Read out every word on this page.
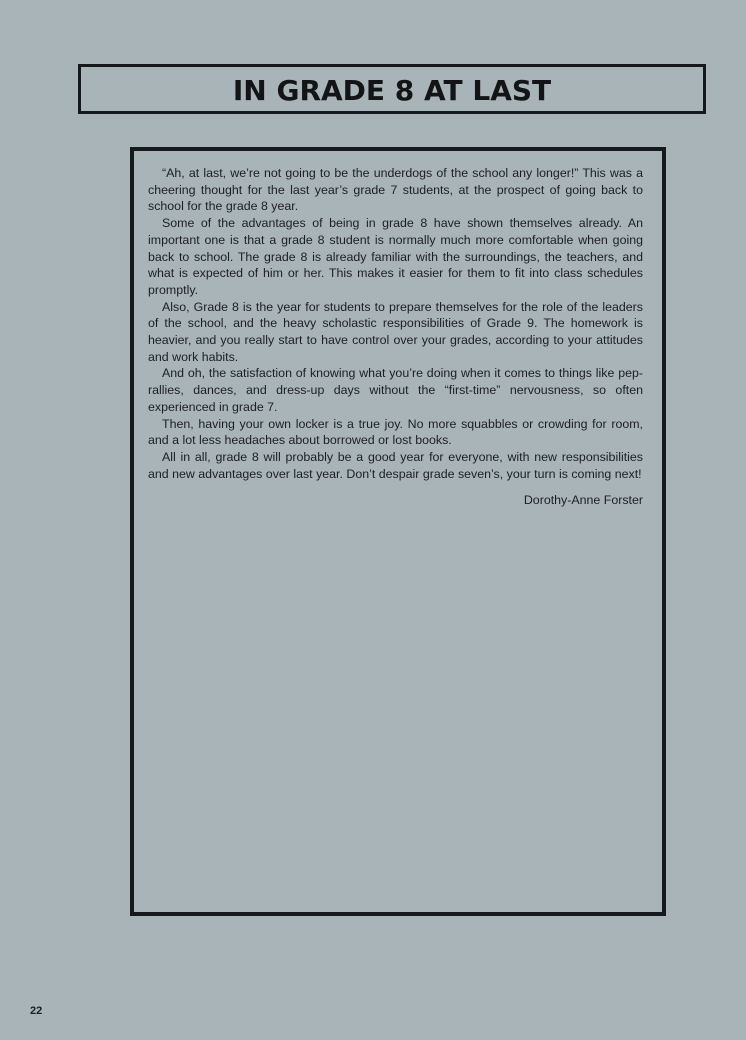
IN GRADE 8 AT LAST

“Ah, at last, we’re not going to be the underdogs of the school any longer!” This was a cheering thought for the last year’s grade 7 students, at the prospect of going back to school for the grade 8 year.

Some of the advantages of being in grade 8 have shown themselves already. An important one is that a grade 8 student is normally much more comfortable when going back to school. The grade 8 is already familiar with the surroundings, the teachers, and what is expected of him or her. This makes it easier for them to fit into class schedules promptly.

Also, Grade 8 is the year for students to prepare themselves for the role of the leaders of the school, and the heavy scholastic responsibilities of Grade 9. The homework is heavier, and you really start to have control over your grades, according to your attitudes and work habits.

And oh, the satisfaction of knowing what you’re doing when it comes to things like pep-rallies, dances, and dress-up days without the “first-time” nervousness, so often experienced in grade 7.

Then, having your own locker is a true joy. No more squabbles or crowding for room, and a lot less headaches about borrowed or lost books.

All in all, grade 8 will probably be a good year for everyone, with new responsibilities and new advantages over last year. Don’t despair grade seven’s, your turn is coming next!

Dorothy-Anne Forster

22
